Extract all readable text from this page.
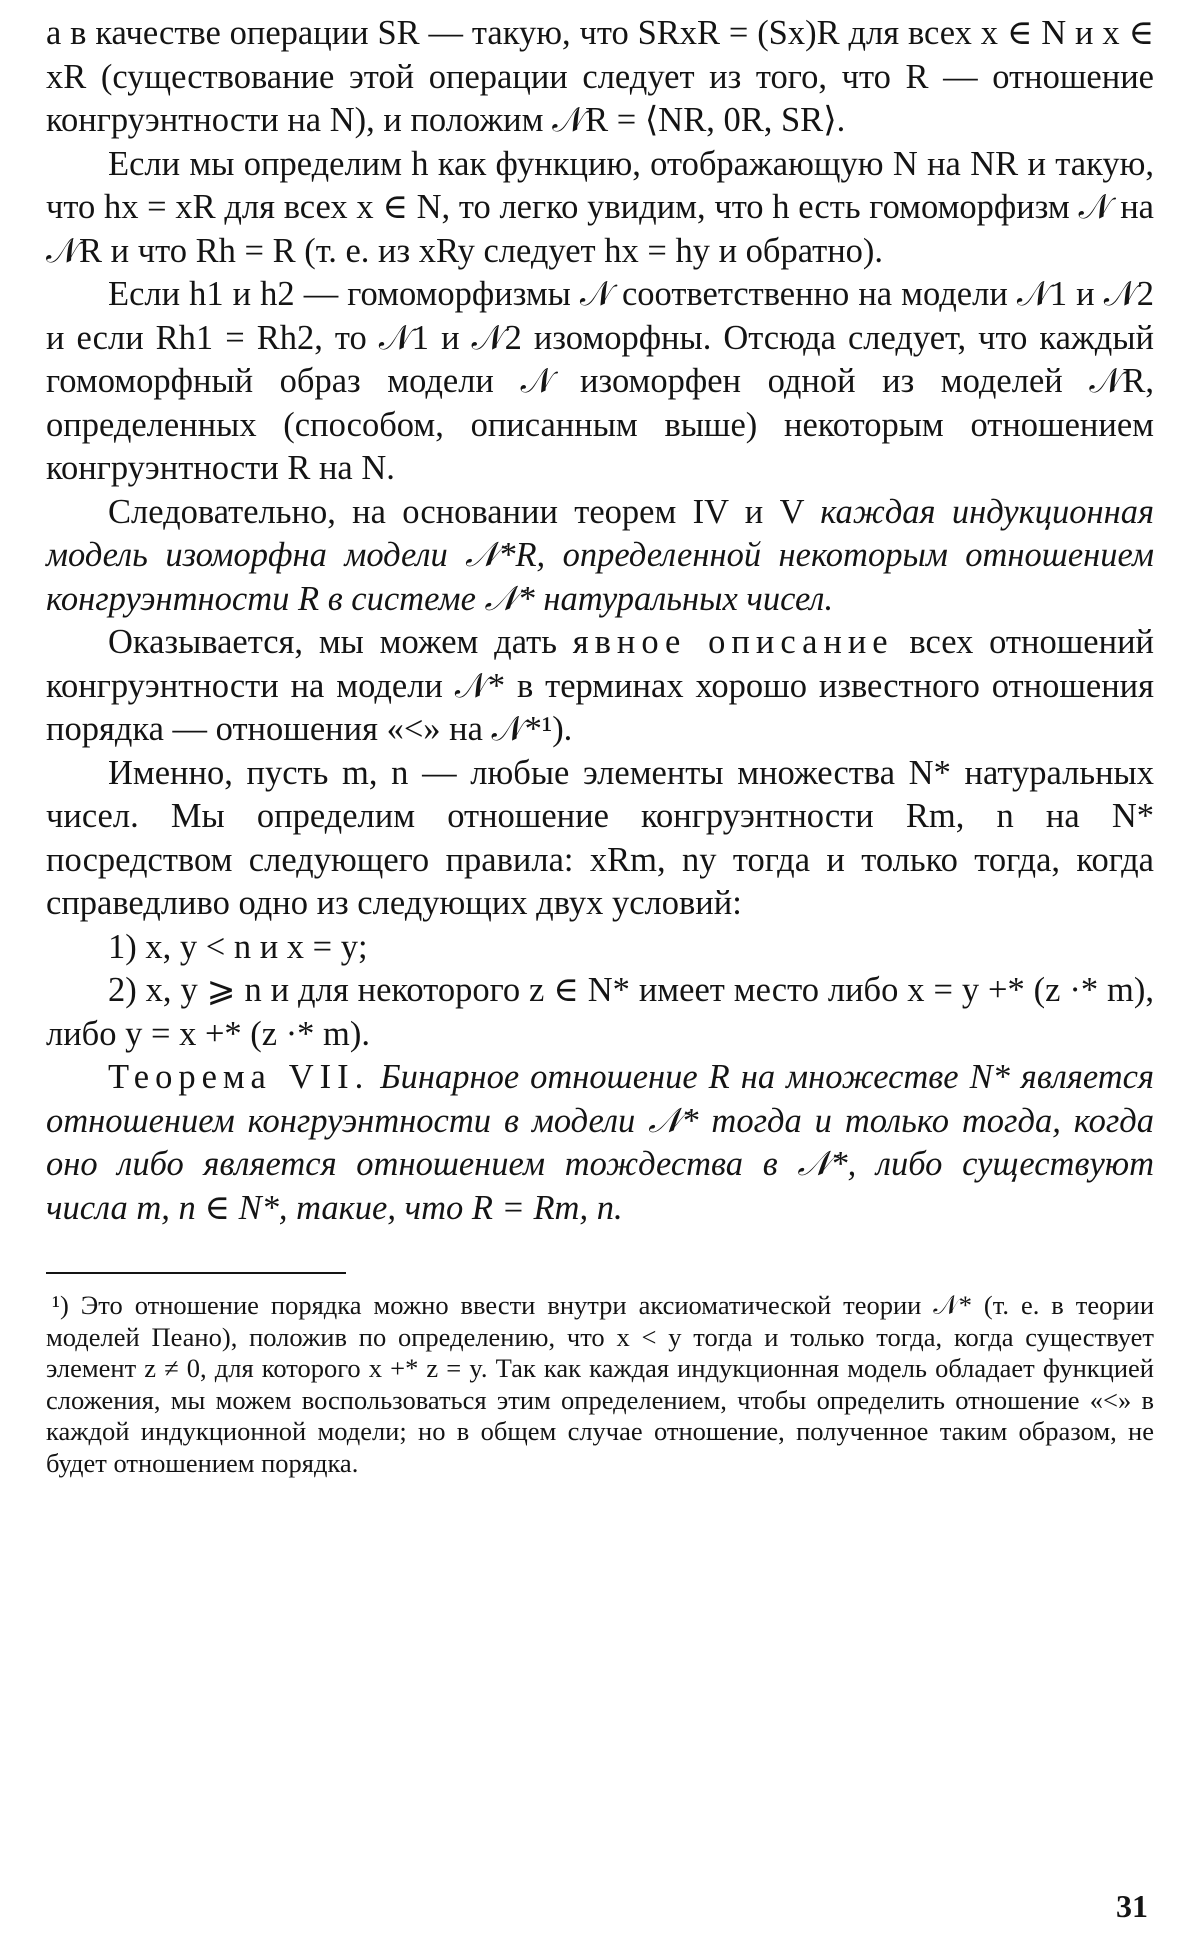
а в качестве операции SR — такую, что SRxR = (Sx)R для всех x ∈ N и x ∈ xR (существование этой операции следует из того, что R — отношение конгруэнтности на N), и положим 𝒩R = ⟨NR, 0R, SR⟩.

Если мы определим h как функцию, отображающую N на NR и такую, что hx = xR для всех x ∈ N, то легко увидим, что h есть гомоморфизм 𝒩 на 𝒩R и что Rh = R (т. е. из xRy следует hx = hy и обратно).

Если h1 и h2 — гомоморфизмы 𝒩 соответственно на модели 𝒩1 и 𝒩2 и если Rh1 = Rh2, то 𝒩1 и 𝒩2 изоморфны. Отсюда следует, что каждый гомоморфный образ модели 𝒩 изоморфен одной из моделей 𝒩R, определенных (способом, описанным выше) некоторым отношением конгруэнтности R на N.

Следовательно, на основании теорем IV и V каждая индукционная модель изоморфна модели 𝒩*R, определенной некоторым отношением конгруэнтности R в системе 𝒩* натуральных чисел.

Оказывается, мы можем дать явное описание всех отношений конгруэнтности на модели 𝒩* в терминах хорошо известного отношения порядка — отношения «<» на 𝒩*¹).

Именно, пусть m, n — любые элементы множества N* натуральных чисел. Мы определим отношение конгруэнтности Rm, n на N* посредством следующего правила: xRm, ny тогда и только тогда, когда справедливо одно из следующих двух условий:

1) x, y < n и x = y;

2) x, y ⩾ n и для некоторого z ∈ N* имеет место либо x = y +* (z ·* m), либо y = x +* (z ·* m).

Теорема VII. Бинарное отношение R на множестве N* является отношением конгруэнтности в модели 𝒩* тогда и только тогда, когда оно либо является отношением тождества в 𝒩*, либо существуют числа m, n ∈ N*, такие, что R = Rm, n.

¹) Это отношение порядка можно ввести внутри аксиоматической теории 𝒩* (т. е. в теории моделей Пеано), положив по определению, что x < y тогда и только тогда, когда существует элемент z ≠ 0, для которого x +* z = y. Так как каждая индукционная модель обладает функцией сложения, мы можем воспользоваться этим определением, чтобы определить отношение «<» в каждой индукционной модели; но в общем случае отношение, полученное таким образом, не будет отношением порядка.

31
